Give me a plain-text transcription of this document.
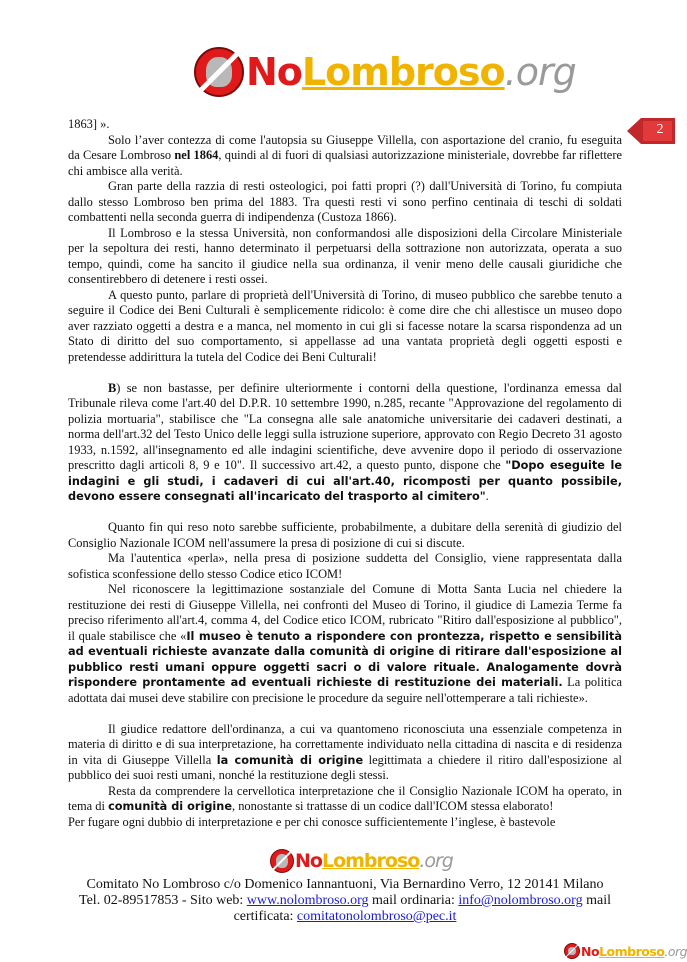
NoLombroso.org
2

1863] ».

Solo l’aver contezza di come l'autopsia su Giuseppe Villella, con asportazione del cranio, fu eseguita da Cesare Lombroso nel 1864, quindi al di fuori di qualsiasi autorizzazione ministeriale, dovrebbe far riflettere chi ambisce alla verità.

Gran parte della razzia di resti osteologici, poi fatti propri (?) dall'Università di Torino, fu compiuta dallo stesso Lombroso ben prima del 1883. Tra questi resti vi sono perfino centinaia di teschi di soldati combattenti nella seconda guerra di indipendenza (Custoza 1866).

Il Lombroso e la stessa Università, non conformandosi alle disposizioni della Circolare Ministeriale per la sepoltura dei resti, hanno determinato il perpetuarsi della sottrazione non autorizzata, operata a suo tempo, quindi, come ha sancito il giudice nella sua ordinanza, il venir meno delle causali giuridiche che consentirebbero di detenere i resti ossei.

A questo punto, parlare di proprietà dell'Università di Torino, di museo pubblico che sarebbe tenuto a seguire il Codice dei Beni Culturali è semplicemente ridicolo: è come dire che chi allestisce un museo dopo aver razziato oggetti a destra e a manca, nel momento in cui gli si facesse notare la scarsa rispondenza ad un Stato di diritto del suo comportamento, si appellasse ad una vantata proprietà degli oggetti esposti e pretendesse addirittura la tutela del Codice dei Beni Culturali!

B) se non bastasse, per definire ulteriormente i contorni della questione, l'ordinanza emessa dal Tribunale rileva come l'art.40 del D.P.R. 10 settembre 1990, n.285, recante "Approvazione del regolamento di polizia mortuaria", stabilisce che "La consegna alle sale anatomiche universitarie dei cadaveri destinati, a norma dell'art.32 del Testo Unico delle leggi sulla istruzione superiore, approvato con Regio Decreto 31 agosto 1933, n.1592, all'insegnamento ed alle indagini scientifiche, deve avvenire dopo il periodo di osservazione prescritto dagli articoli 8, 9 e 10". Il successivo art.42, a questo punto, dispone che "Dopo eseguite le indagini e gli studi, i cadaveri di cui all'art.40, ricomposti per quanto possibile, devono essere consegnati all'incaricato del trasporto al cimitero".

Quanto fin qui reso noto sarebbe sufficiente, probabilmente, a dubitare della serenità di giudizio del Consiglio Nazionale ICOM nell'assumere la presa di posizione di cui si discute.

Ma l'autentica «perla», nella presa di posizione suddetta del Consiglio, viene rappresentata dalla sofistica sconfessione dello stesso Codice etico ICOM!

Nel riconoscere la legittimazione sostanziale del Comune di Motta Santa Lucia nel chiedere la restituzione dei resti di Giuseppe Villella, nei confronti del Museo di Torino, il giudice di Lamezia Terme fa preciso riferimento all'art.4, comma 4, del Codice etico ICOM, rubricato "Ritiro dall'esposizione al pubblico", il quale stabilisce che «Il museo è tenuto a rispondere con prontezza, rispetto e sensibilità ad eventuali richieste avanzate dalla comunità di origine di ritirare dall'esposizione al pubblico resti umani oppure oggetti sacri o di valore rituale. Analogamente dovrà rispondere prontamente ad eventuali richieste di restituzione dei materiali. La politica adottata dai musei deve stabilire con precisione le procedure da seguire nell'ottemperare a tali richieste».

Il giudice redattore dell'ordinanza, a cui va quantomeno riconosciuta una essenziale competenza in materia di diritto e di sua interpretazione, ha correttamente individuato nella cittadina di nascita e di residenza in vita di Giuseppe Villella la comunità di origine legittimata a chiedere il ritiro dall'esposizione al pubblico dei suoi resti umani, nonché la restituzione degli stessi.

Resta da comprendere la cervellotica interpretazione che il Consiglio Nazionale ICOM ha operato, in tema di comunità di origine, nonostante si trattasse di un codice dall'ICOM stessa elaborato!

Per fugare ogni dubbio di interpretazione e per chi conosce sufficientemente l’inglese, è bastevole

NoLombroso.org
Comitato No Lombroso c/o Domenico Iannantuoni, Via Bernardino Verro, 12 20141 Milano
Tel. 02-89517853 - Sito web: www.nolombroso.org mail ordinaria: info@nolombroso.org mail
certificata: comitatonolombroso@pec.it
NoLombroso.org
